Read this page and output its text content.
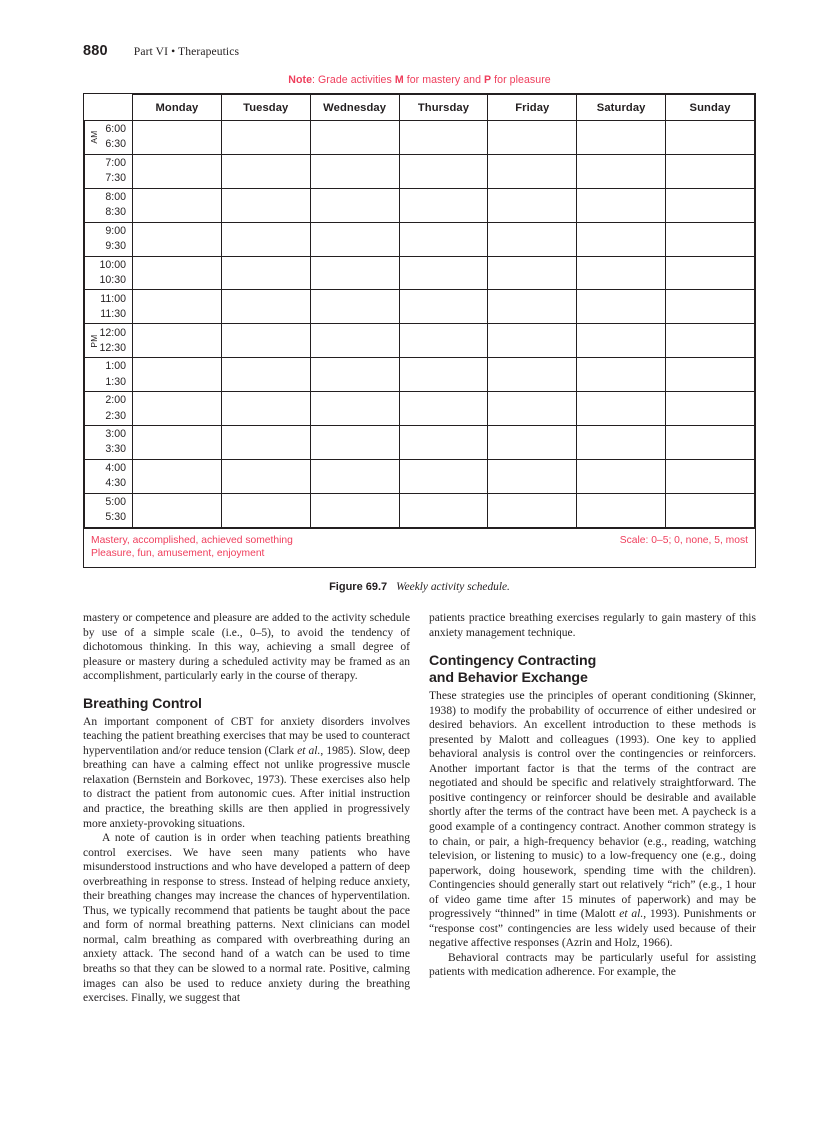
880 Part VI • Therapeutics
Note: Grade activities M for mastery and P for pleasure
	Monday	Tuesday	Wednesday	Thursday	Friday	Saturday	Sunday

AM
6:00
6:30							

7:00
7:30							

8:00
8:30							

9:00
9:30							

10:00
10:30							

11:00
11:30							

PM
12:00
12:30							

1:00
1:30							

2:00
2:30							

3:00
3:30							

4:00
4:30							

5:00
5:30							

Mastery, accomplished, achieved something
Pleasure, fun, amusement, enjoyment
Scale: 0–5; 0, none, 5, most
Figure 69.7 Weekly activity schedule.

mastery or competence and pleasure are added to the activity schedule by use of a simple scale (i.e., 0–5), to avoid the tendency of dichotomous thinking. In this way, achieving a small degree of pleasure or mastery during a scheduled activity may be framed as an accomplishment, particularly early in the course of therapy.

Breathing Control

An important component of CBT for anxiety disorders involves teaching the patient breathing exercises that may be used to counteract hyperventilation and/or reduce tension (Clark et al., 1985). Slow, deep breathing can have a calming effect not unlike progressive muscle relaxation (Bernstein and Borkovec, 1973). These exercises also help to distract the patient from autonomic cues. After initial instruction and practice, the breathing skills are then applied in progressively more anxiety-provoking situations.

A note of caution is in order when teaching patients breathing control exercises. We have seen many patients who have misunderstood instructions and who have developed a pattern of deep overbreathing in response to stress. Instead of helping reduce anxiety, their breathing changes may increase the chances of hyperventilation. Thus, we typically recommend that patients be taught about the pace and form of normal breathing patterns. Next clinicians can model normal, calm breathing as compared with overbreathing during an anxiety attack. The second hand of a watch can be used to time breaths so that they can be slowed to a normal rate. Positive, calming images can also be used to reduce anxiety during the breathing exercises. Finally, we suggest that

patients practice breathing exercises regularly to gain mastery of this anxiety management technique.

Contingency Contracting
and Behavior Exchange

These strategies use the principles of operant conditioning (Skinner, 1938) to modify the probability of occurrence of either undesired or desired behaviors. An excellent introduction to these methods is presented by Malott and colleagues (1993). One key to applied behavioral analysis is control over the contingencies or reinforcers. Another important factor is that the terms of the contract are negotiated and should be specific and relatively straightforward. The positive contingency or reinforcer should be desirable and available shortly after the terms of the contract have been met. A paycheck is a good example of a contingency contract. Another common strategy is to chain, or pair, a high-frequency behavior (e.g., reading, watching television, or listening to music) to a low-frequency one (e.g., doing paperwork, doing housework, spending time with the children). Contingencies should generally start out relatively “rich” (e.g., 1 hour of video game time after 15 minutes of paperwork) and may be progressively “thinned” in time (Malott et al., 1993). Punishments or “response cost” contingencies are less widely used because of their negative affective responses (Azrin and Holz, 1966).

Behavioral contracts may be particularly useful for assisting patients with medication adherence. For example, the
